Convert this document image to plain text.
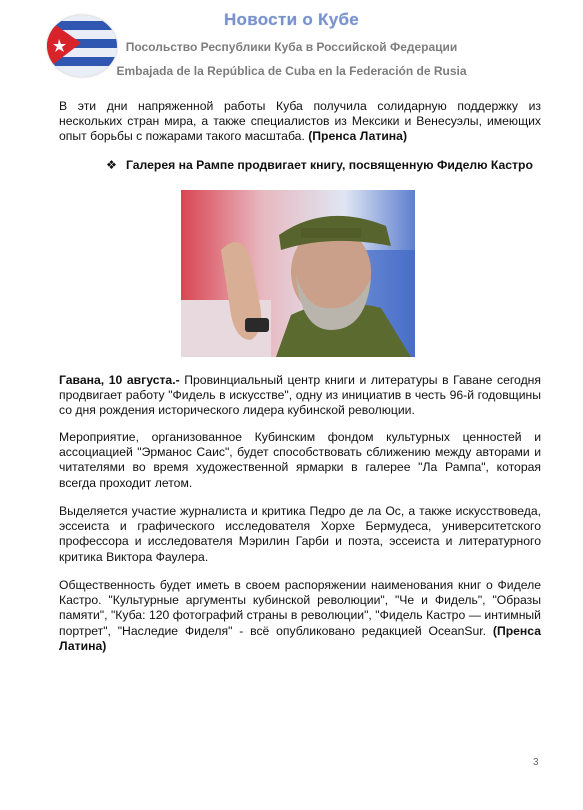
Новости о Кубе
Посольство Республики Куба в Российской Федерации
Embajada de la República de Cuba en la Federación de Rusia

В эти дни напряженной работы Куба получила солидарную поддержку из нескольких стран мира, а также специалистов из Мексики и Венесуэлы, имеющих опыт борьбы с пожарами такого масштаба. (Пренса Латина)

❖ Галерея на Рампе продвигает книгу, посвященную Фиделю Кастро

Гавана, 10 августа.- Провинциальный центр книги и литературы в Гаване сегодня продвигает работу "Фидель в искусстве", одну из инициатив в честь 96-й годовщины со дня рождения исторического лидера кубинской революции.

Мероприятие, организованное Кубинским фондом культурных ценностей и ассоциацией "Эрманос Саис", будет способствовать сближению между авторами и читателями во время художественной ярмарки в галерее "Ла Рампа", которая всегда проходит летом.

Выделяется участие журналиста и критика Педро де ла Ос, а также искусствоведа, эссеиста и графического исследователя Хорхе Бермудеса, университетского профессора и исследователя Мэрилин Гарби и поэта, эссеиста и литературного критика Виктора Фаулера.

Общественность будет иметь в своем распоряжении наименования книг о Фиделе Кастро. "Культурные аргументы кубинской революции", "Че и Фидель", "Образы памяти", "Куба: 120 фотографий страны в революции", "Фидель Кастро — интимный портрет", "Наследие Фиделя" - всё опубликовано редакцией OceanSur. (Пренса Латина)

3
